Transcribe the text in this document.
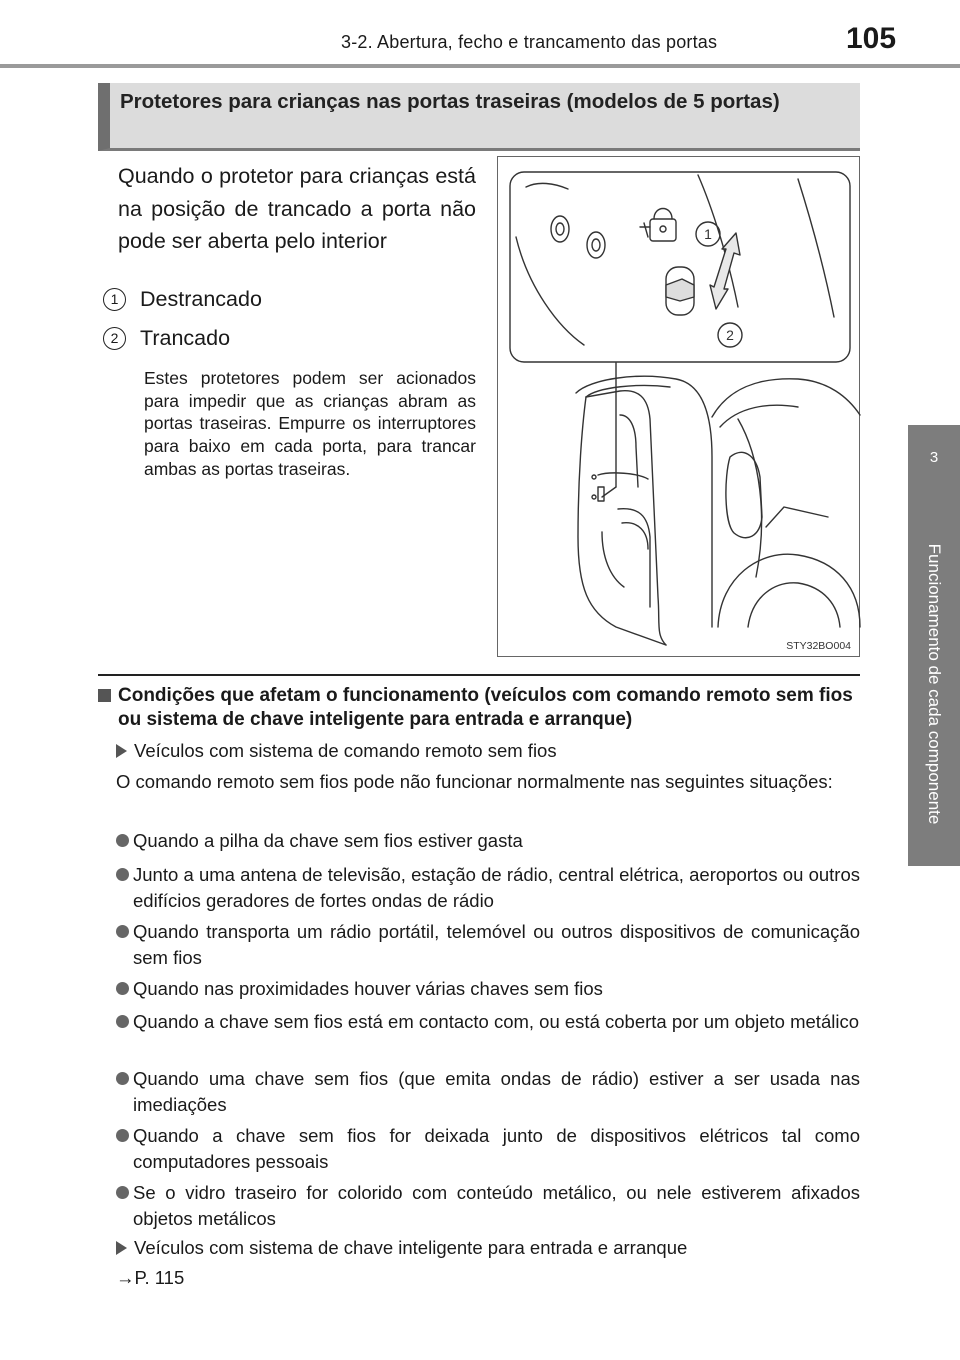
3-2. Abertura, fecho e trancamento das portas	105
3
Funcionamento de cada componente
Protetores para crianças nas portas traseiras (modelos de 5 portas)
Quando o protetor para crianças está na posição de trancado a porta não pode ser aberta pelo interior
1 Destrancado
2 Trancado
Estes protetores podem ser acionados para impedir que as crianças abram as portas traseiras. Empurre os interruptores para baixo em cada porta, para trancar ambas as portas traseiras.
1
2
STY32BO004
Condições que afetam o funcionamento (veículos com comando remoto sem fios ou sistema de chave inteligente para entrada e arranque)
Veículos com sistema de comando remoto sem fios
O comando remoto sem fios pode não funcionar normalmente nas seguintes situações:
Quando a pilha da chave sem fios estiver gasta
Junto a uma antena de televisão, estação de rádio, central elétrica, aeroportos ou outros edifícios geradores de fortes ondas de rádio
Quando transporta um rádio portátil, telemóvel ou outros dispositivos de comunicação sem fios
Quando nas proximidades houver várias chaves sem fios
Quando a chave sem fios está em contacto com, ou está coberta por um objeto metálico
Quando uma chave sem fios (que emita ondas de rádio) estiver a ser usada nas imediações
Quando a chave sem fios for deixada junto de dispositivos elétricos tal como computadores pessoais
Se o vidro traseiro for colorido com conteúdo metálico, ou nele estiverem afixados objetos metálicos
Veículos com sistema de chave inteligente para entrada e arranque
→P. 115
